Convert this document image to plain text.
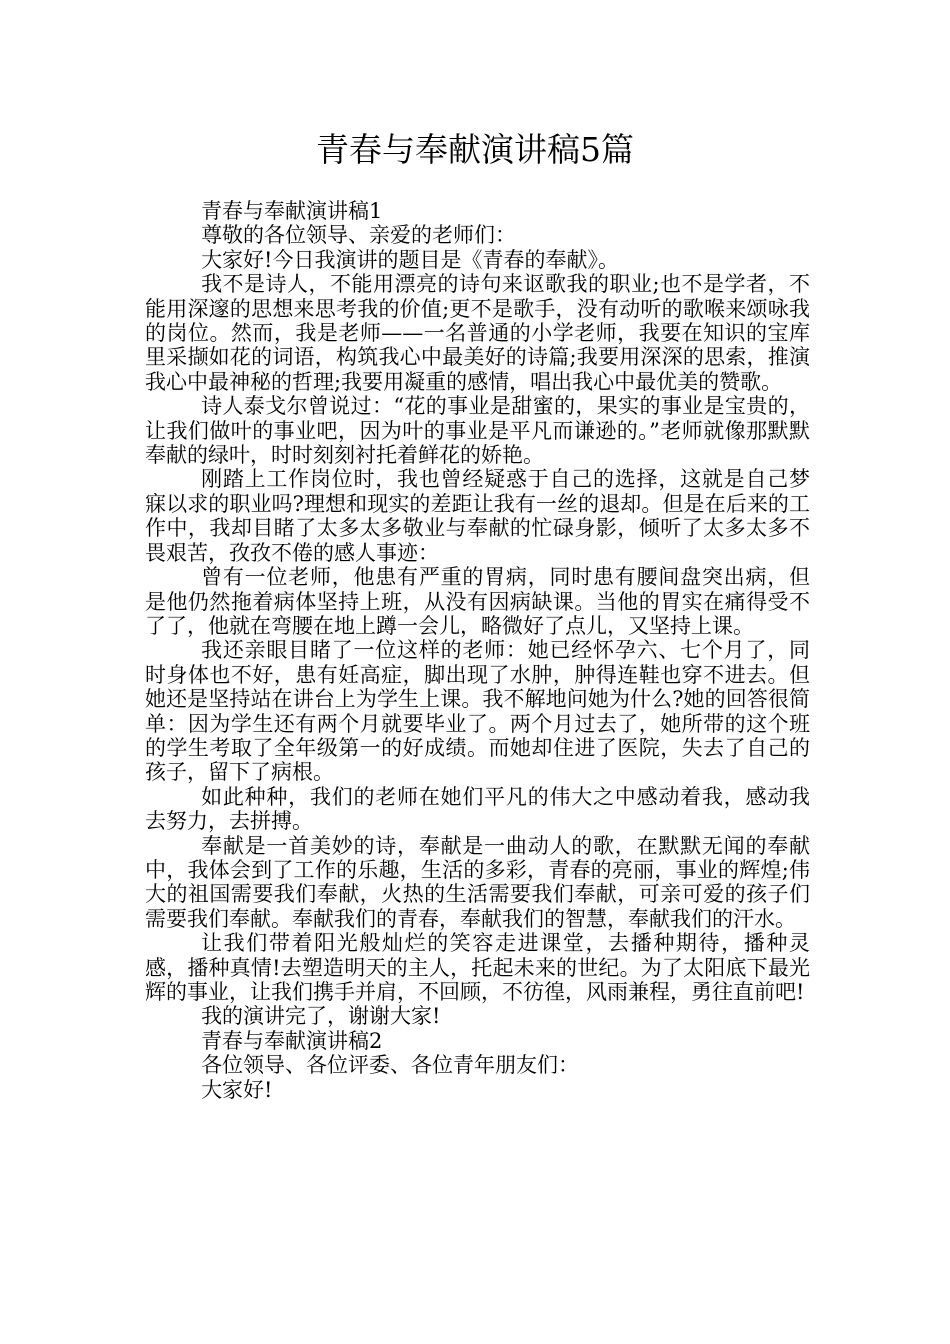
青春与奉献演讲稿5篇

青春与奉献演讲稿1

尊敬的各位领导、亲爱的老师们：

大家好!今日我演讲的题目是《青春的奉献》。

我不是诗人，不能用漂亮的诗句来讴歌我的职业;也不是学者，不能用深邃的思想来思考我的价值;更不是歌手，没有动听的歌喉来颂咏我的岗位。然而，我是老师——一名普通的小学老师，我要在知识的宝库里采撷如花的词语，构筑我心中最美好的诗篇;我要用深深的思索，推演我心中最神秘的哲理;我要用凝重的感情，唱出我心中最优美的赞歌。

诗人泰戈尔曾说过：“花的事业是甜蜜的，果实的事业是宝贵的，让我们做叶的事业吧，因为叶的事业是平凡而谦逊的。”老师就像那默默奉献的绿叶，时时刻刻衬托着鲜花的娇艳。

刚踏上工作岗位时，我也曾经疑惑于自己的选择，这就是自己梦寐以求的职业吗?理想和现实的差距让我有一丝的退却。但是在后来的工作中，我却目睹了太多太多敬业与奉献的忙碌身影，倾听了太多太多不畏艰苦，孜孜不倦的感人事迹：

曾有一位老师，他患有严重的胃病，同时患有腰间盘突出病，但是他仍然拖着病体坚持上班，从没有因病缺课。当他的胃实在痛得受不了了，他就在弯腰在地上蹲一会儿，略微好了点儿，又坚持上课。

我还亲眼目睹了一位这样的老师：她已经怀孕六、七个月了，同时身体也不好，患有妊高症，脚出现了水肿，肿得连鞋也穿不进去。但她还是坚持站在讲台上为学生上课。我不解地问她为什么?她的回答很简单：因为学生还有两个月就要毕业了。两个月过去了，她所带的这个班的学生考取了全年级第一的好成绩。而她却住进了医院，失去了自己的孩子，留下了病根。

如此种种，我们的老师在她们平凡的伟大之中感动着我，感动我去努力，去拼搏。

奉献是一首美妙的诗，奉献是一曲动人的歌，在默默无闻的奉献中，我体会到了工作的乐趣，生活的多彩，青春的亮丽，事业的辉煌;伟大的祖国需要我们奉献，火热的生活需要我们奉献，可亲可爱的孩子们需要我们奉献。奉献我们的青春，奉献我们的智慧，奉献我们的汗水。

让我们带着阳光般灿烂的笑容走进课堂，去播种期待，播种灵感，播种真情!去塑造明天的主人，托起未来的世纪。为了太阳底下最光辉的事业，让我们携手并肩，不回顾，不彷徨，风雨兼程，勇往直前吧!

我的演讲完了，谢谢大家!

青春与奉献演讲稿2

各位领导、各位评委、各位青年朋友们：

大家好!
